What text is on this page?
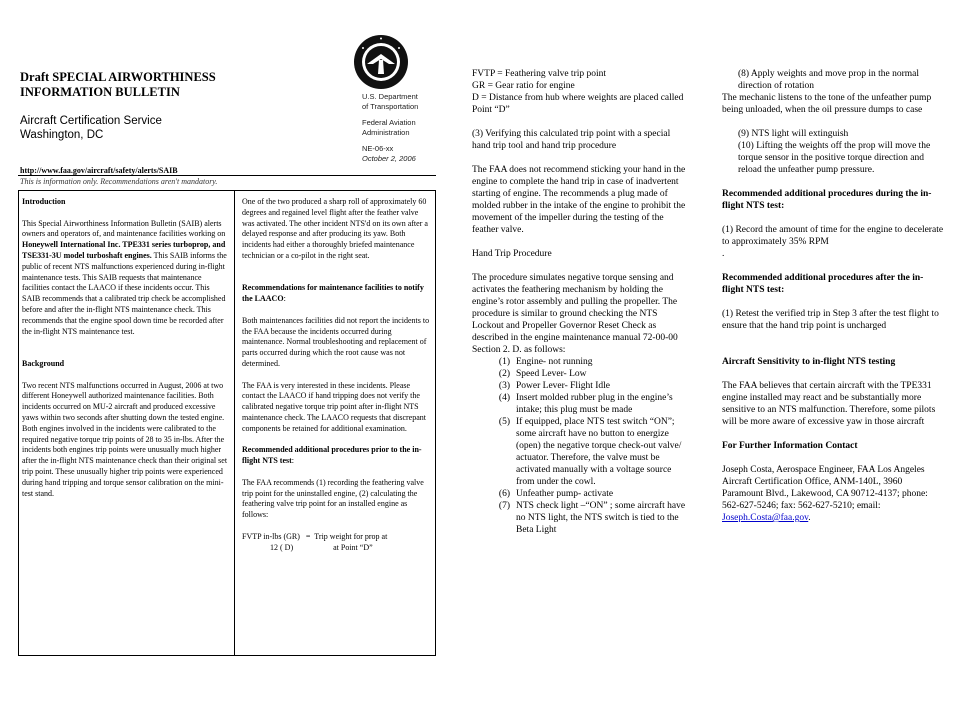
Draft SPECIAL AIRWORTHINESS
INFORMATION BULLETIN
Aircraft Certification Service
Washington, DC
U.S. Department
of Transportation
Federal Aviation
Administration
NE-06-xx
October 2, 2006
http://www.faa.gov/aircraft/safety/alerts/SAIB
This is information only. Recommendations aren't mandatory.

Introduction

This Special Airworthiness Information Bulletin (SAIB) alerts owners and operators of, and maintenance facilities working on Honeywell International Inc. TPE331 series turboprop, and TSE331-3U model turboshaft engines. This SAIB informs the public of recent NTS malfunctions experienced during in-flight maintenance tests. This SAIB requests that maintenance facilities contact the LAACO if these incidents occur. This SAIB recommends that a calibrated trip check be accomplished before and after the in-flight NTS maintenance check. This recommends that the engine spool down time be recorded after the in-flight NTS maintenance test.

Background

Two recent NTS malfunctions occurred in August, 2006 at two different Honeywell authorized maintenance facilities. Both incidents occurred on MU-2 aircraft and produced excessive yaws within two seconds after shutting down the tested engine. Both engines involved in the incidents were calibrated to the required negative torque trip points of 28 to 35 in-lbs. After the incidents both engines trip points were unusually much higher after the in-flight NTS maintenance check than their original set trip point. These unusually higher trip points were experienced during hand tripping and torque sensor calibration on the mini-test stand.

One of the two produced a sharp roll of approximately 60 degrees and regained level flight after the feather valve was activated. The other incident NTS'd on its own after a delayed response and after producing its yaw. Both incidents had either a thoroughly briefed maintenance technician or a co-pilot in the right seat.

Recommendations for maintenance facilities to notify the LAACO:

Both maintenances facilities did not report the incidents to the FAA because the incidents occurred during maintenance. Normal troubleshooting and replacement of parts occurred during which the root cause was not determined.

The FAA is very interested in these incidents. Please contact the LAACO if hand tripping does not verify the calibrated negative torque trip point after in-flight NTS maintenance check. The LAACO requests that discrepant components be retained for additional examination.

Recommended additional procedures prior to the in-flight NTS test:

The FAA recommends (1) recording the feathering valve trip point for the uninstalled engine, (2) calculating the feathering valve trip point for an installed engine as follows:

FVTP in-lbs (GR)   =  Trip weight for prop at

12 ( D)                    at Point “D”

FVTP = Feathering valve trip point

GR = Gear ratio for engine

D = Distance from hub where weights are placed called Point “D”

(3) Verifying this calculated trip point with a special hand trip tool and hand trip procedure

The FAA does not recommend sticking your hand in the engine to complete the hand trip in case of inadvertent starting of engine. The recommends a plug made of molded rubber in the intake of the engine to prohibit the movement of the impeller during the testing of the feather valve.

Hand Trip Procedure

The procedure simulates negative torque sensing and activates the feathering mechanism by holding the engine’s rotor assembly and pulling the propeller. The procedure is similar to ground checking the NTS Lockout and Propeller Governor Reset Check as described in the engine maintenance manual 72-00-00 Section 2. D. as follows:

(1) Engine- not running
(2) Speed Lever- Low
(3) Power Lever- Flight Idle
(4) Insert molded rubber plug in the engine’s intake; this plug must be made
(5) If equipped, place NTS test switch “ON”; some aircraft have no button to energize (open) the negative torque check-out valve/ actuator. Therefore, the valve must be activated manually with a voltage source from under the cowl.
(6) Unfeather pump- activate
(7) NTS check light –“ON” ; some aircraft have no NTS light, the NTS switch is tied to the Beta Light

(8) Apply weights and move prop in the normal direction of rotation

The mechanic listens to the tone of the unfeather pump being unloaded, when the oil pressure dumps to case

(9) NTS light will extinguish

(10) Lifting the weights off the prop will move the torque sensor in the positive torque direction and reload the unfeather pump pressure.

Recommended additional procedures during the in-flight NTS test:

(1) Record the amount of time for the engine to decelerate to approximately 35% RPM

.

Recommended additional procedures after the in-flight NTS test:

(1) Retest the verified trip in Step 3 after the test flight to ensure that the hand trip point is uncharged

Aircraft Sensitivity to in-flight NTS testing

The FAA believes that certain aircraft with the TPE331 engine installed may react and be substantially more sensitive to an NTS malfunction. Therefore, some pilots will be more aware of excessive yaw in those aircraft

For Further Information Contact

Joseph Costa, Aerospace Engineer, FAA Los Angeles Aircraft Certification Office, ANM-140L, 3960 Paramount Blvd., Lakewood, CA 90712-4137; phone: 562-627-5246; fax: 562-627-5210; email: Joseph.Costa@faa.gov.
